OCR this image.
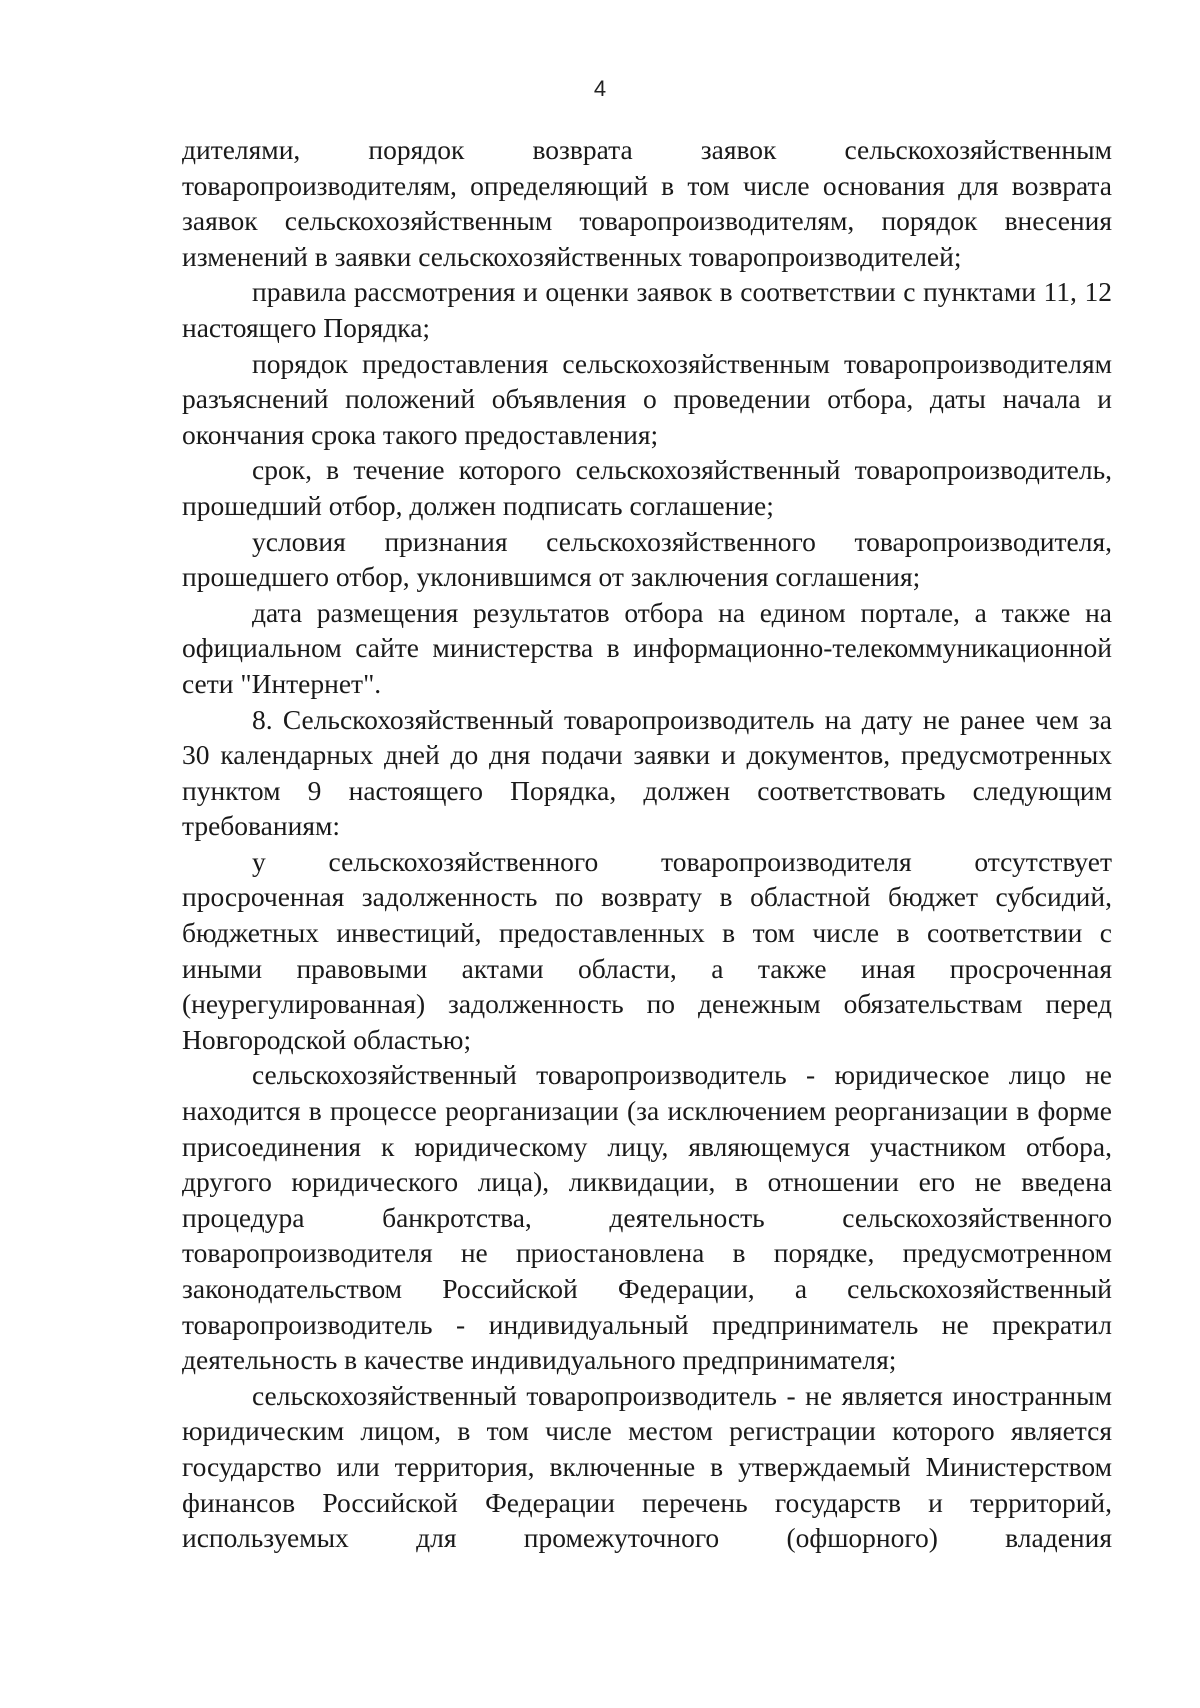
4

дителями, порядок возврата заявок сельскохозяйственным товаропроизводителям, определяющий в том числе основания для возврата заявок сельскохозяйственным товаропроизводителям, порядок внесения изменений в заявки сельскохозяйственных товаропроизводителей;

правила рассмотрения и оценки заявок в соответствии с пунктами 11, 12 настоящего Порядка;

порядок предоставления сельскохозяйственным товаропроизводителям разъяснений положений объявления о проведении отбора, даты начала и окончания срока такого предоставления;

срок, в течение которого сельскохозяйственный товаропроизводитель, прошедший отбор, должен подписать соглашение;

условия признания сельскохозяйственного товаропроизводителя, прошедшего отбор, уклонившимся от заключения соглашения;

дата размещения результатов отбора на едином портале, а также на официальном сайте министерства в информационно-телекоммуникационной сети "Интернет".

8. Сельскохозяйственный товаропроизводитель на дату не ранее чем за 30 календарных дней до дня подачи заявки и документов, предусмотренных пунктом 9 настоящего Порядка, должен соответствовать следующим требованиям:

у сельскохозяйственного товаропроизводителя отсутствует просроченная задолженность по возврату в областной бюджет субсидий, бюджетных инвестиций, предоставленных в том числе в соответствии с иными правовыми актами области, а также иная просроченная (неурегулированная) задолженность по денежным обязательствам перед Новгородской областью;

сельскохозяйственный товаропроизводитель - юридическое лицо не находится в процессе реорганизации (за исключением реорганизации в форме присоединения к юридическому лицу, являющемуся участником отбора, другого юридического лица), ликвидации, в отношении его не введена процедура банкротства, деятельность сельскохозяйственного товаропроизводителя не приостановлена в порядке, предусмотренном законодательством Российской Федерации, а сельскохозяйственный товаропроизводитель - индивидуальный предприниматель не прекратил деятельность в качестве индивидуального предпринимателя;

сельскохозяйственный товаропроизводитель - не является иностранным юридическим лицом, в том числе местом регистрации которого является государство или территория, включенные в утверждаемый Министерством финансов Российской Федерации перечень государств и территорий, используемых для промежуточного (офшорного) владения
